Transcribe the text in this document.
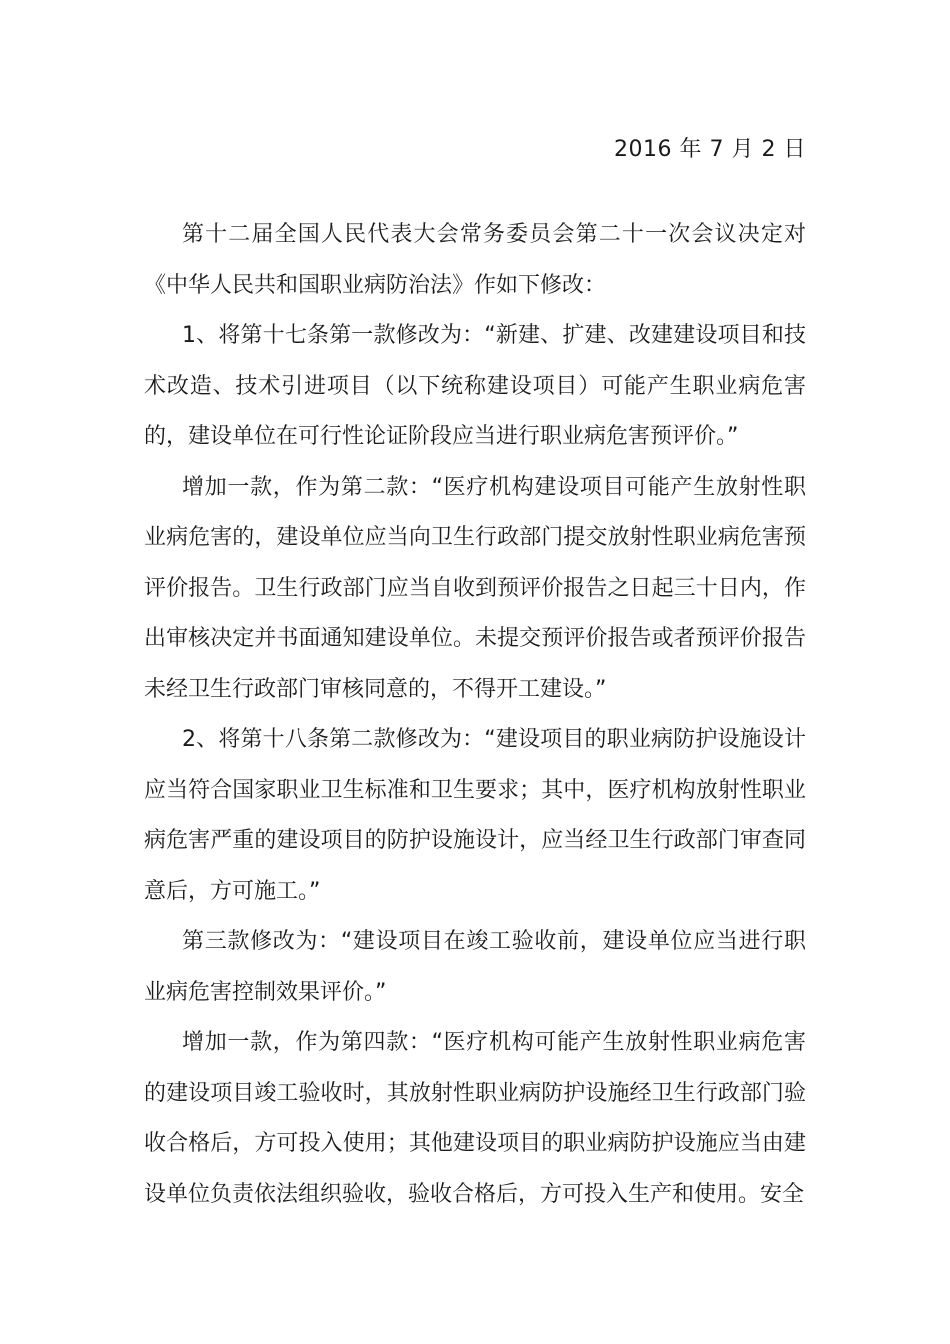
2016 年 7 月 2 日

第十二届全国人民代表大会常务委员会第二十一次会议决定对《中华人民共和国职业病防治法》作如下修改：

1、将第十七条第一款修改为：“新建、扩建、改建建设项目和技术改造、技术引进项目（以下统称建设项目）可能产生职业病危害的，建设单位在可行性论证阶段应当进行职业病危害预评价。”

增加一款，作为第二款：“医疗机构建设项目可能产生放射性职业病危害的，建设单位应当向卫生行政部门提交放射性职业病危害预评价报告。卫生行政部门应当自收到预评价报告之日起三十日内，作出审核决定并书面通知建设单位。未提交预评价报告或者预评价报告未经卫生行政部门审核同意的，不得开工建设。”

2、将第十八条第二款修改为：“建设项目的职业病防护设施设计应当符合国家职业卫生标准和卫生要求；其中，医疗机构放射性职业病危害严重的建设项目的防护设施设计，应当经卫生行政部门审查同意后，方可施工。”

第三款修改为：“建设项目在竣工验收前，建设单位应当进行职业病危害控制效果评价。”

增加一款，作为第四款：“医疗机构可能产生放射性职业病危害的建设项目竣工验收时，其放射性职业病防护设施经卫生行政部门验收合格后，方可投入使用；其他建设项目的职业病防护设施应当由建设单位负责依法组织验收，验收合格后，方可投入生产和使用。安全
